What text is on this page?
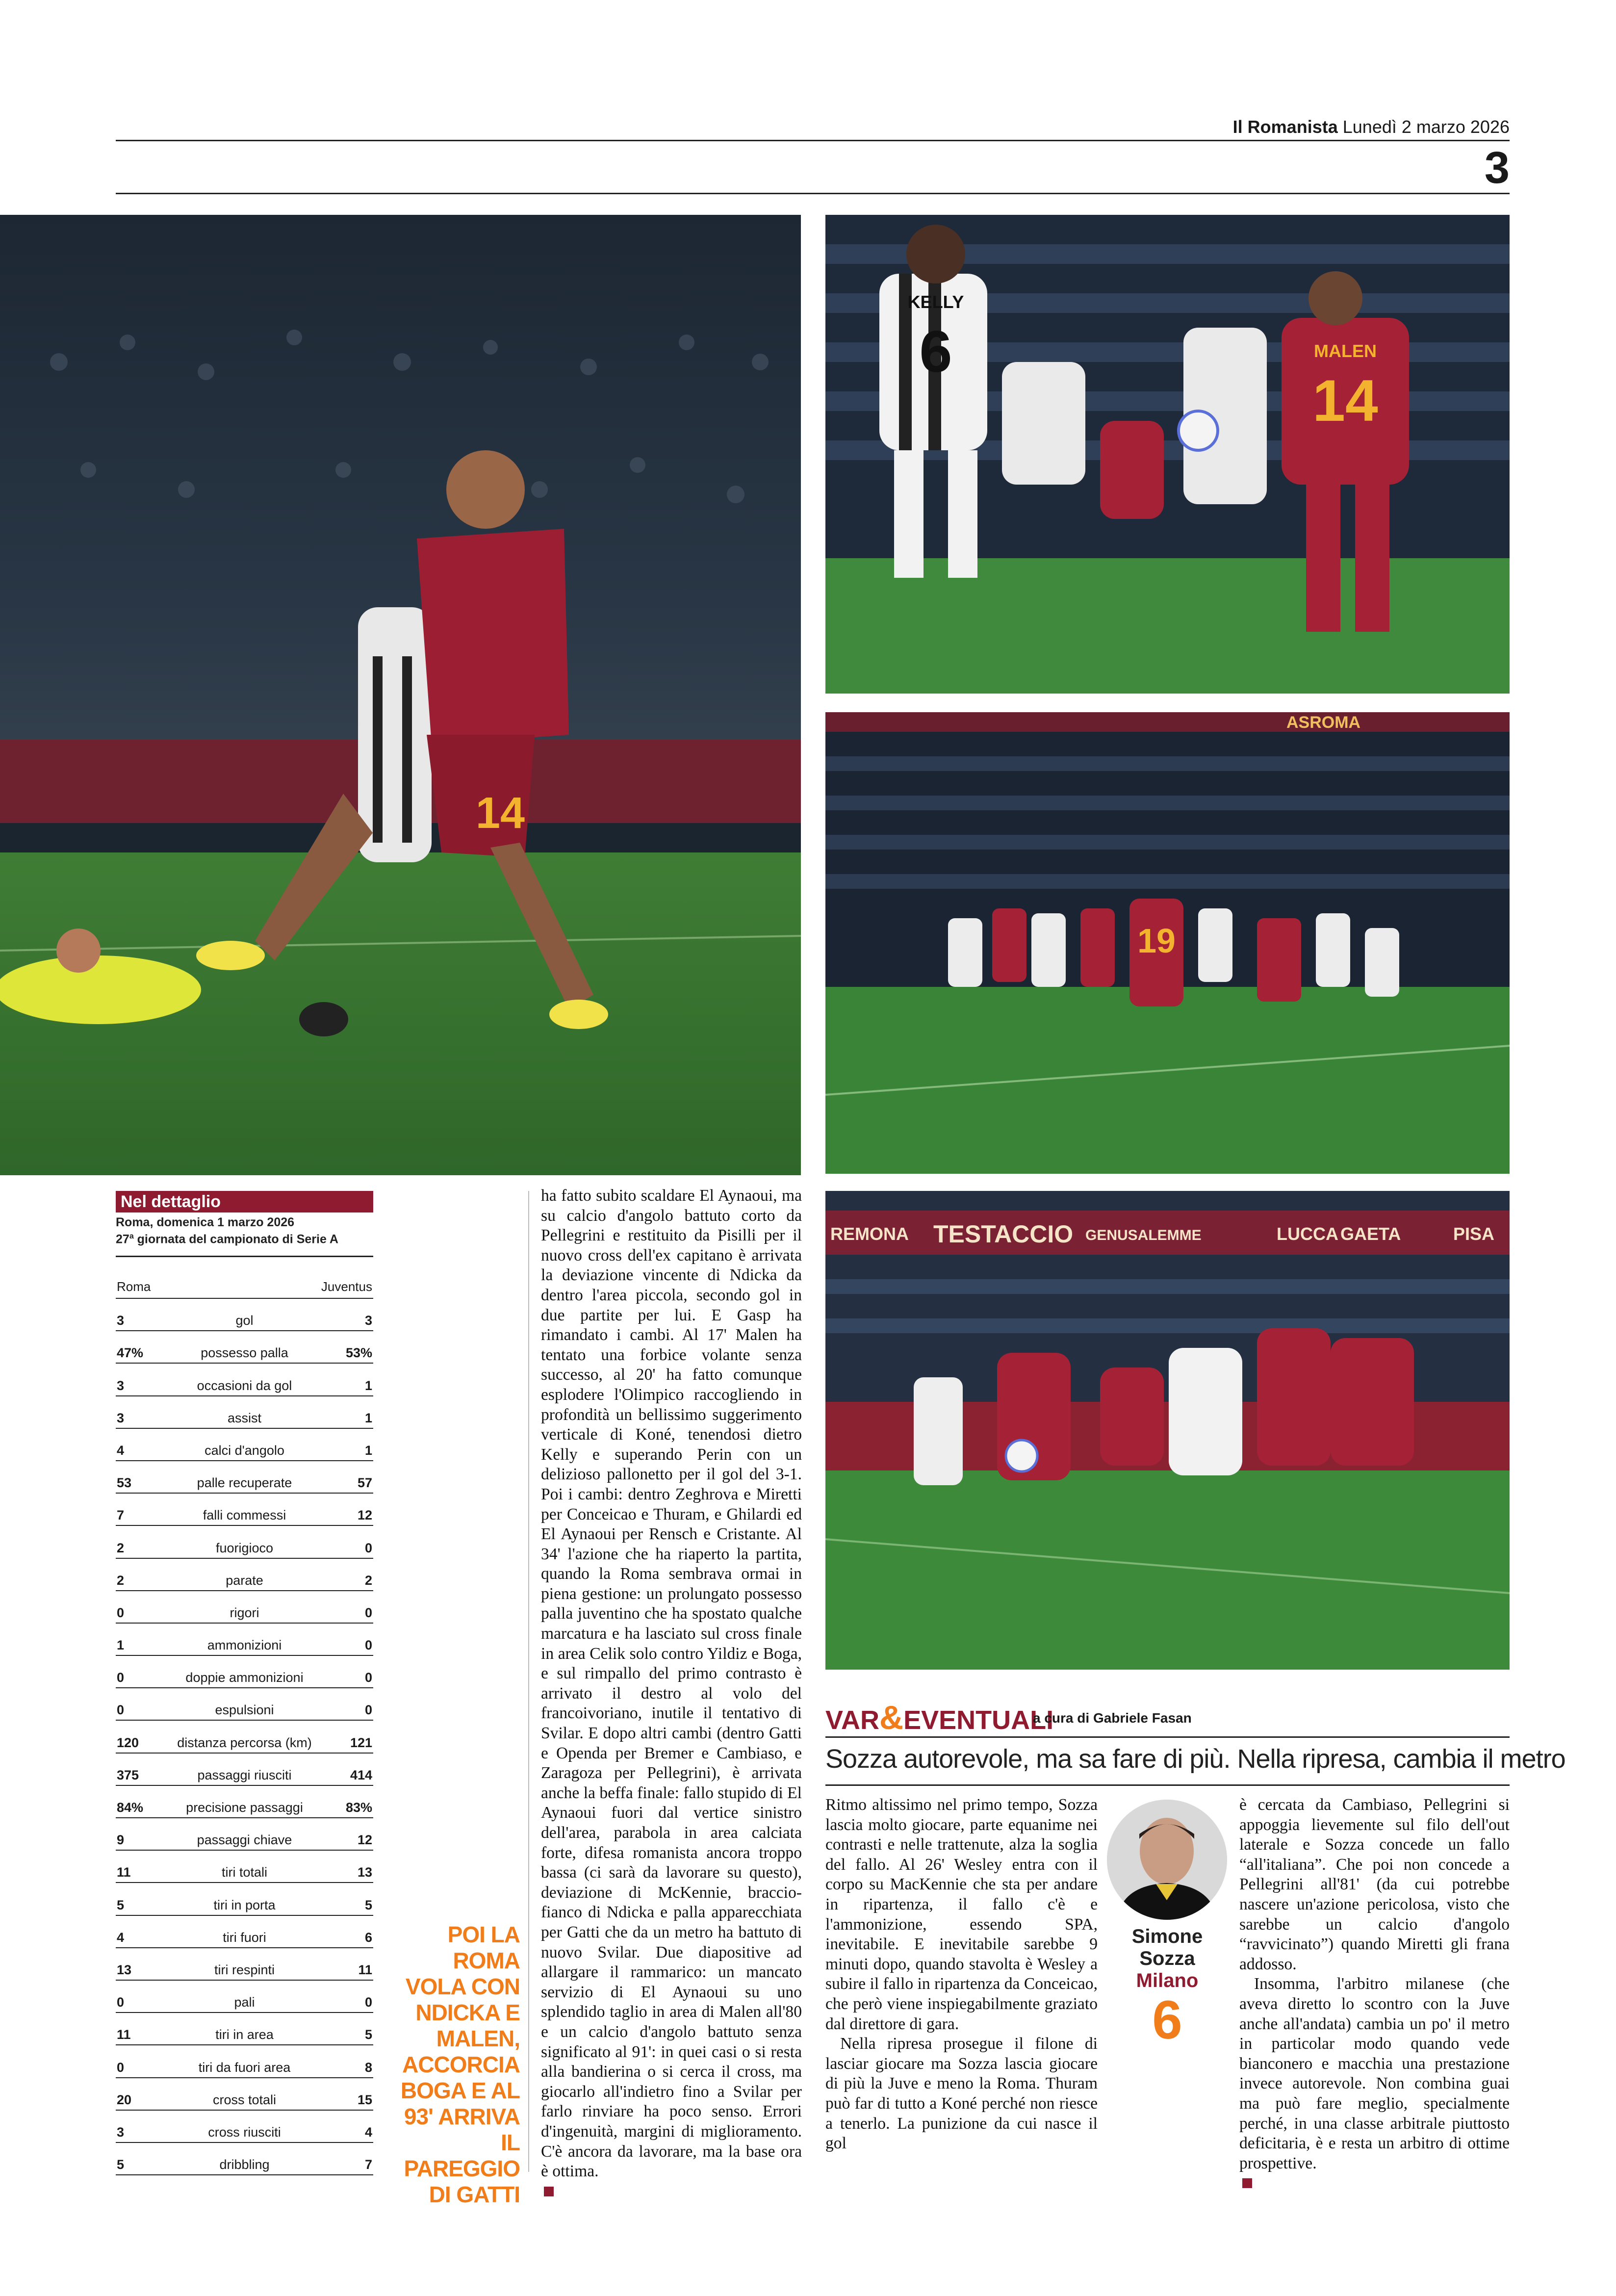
Il Romanista Lunedì 2 marzo 2026
3
14
6
KELLY
14
MALEN
ASROMA
19
REMONA TESTACCIO GENUSALEMME	LUCCA GAETA	PISA
Nel dettaglio
Roma, domenica 1 marzo 2026
27$^a$ giornata del campionato di Serie A
Roma	Juventus
3	gol	3
47%	possesso palla	53%
3	occasioni da gol	1
3	assist	1
4	calci d'angolo	1
53	palle recuperate	57
7	falli commessi	12
2	fuorigioco	0
2	parate	2
0	rigori	0
1	ammonizioni	0
0	doppie ammonizioni	0
0	espulsioni	0
120	distanza percorsa (km)	121
375	passaggi riusciti	414
84%	precisione passaggi	83%
9	passaggi chiave	12
11	tiri totali	13
5	tiri in porta	5
4	tiri fuori	6
13	tiri respinti	11
0	pali	0
11	tiri in area	5
0	tiri da fuori area	8
20	cross totali	15
3	cross riusciti	4
5	dribbling	7
POI LA ROMA VOLA CON NDICKA E MALEN, ACCORCIA BOGA E AL 93' ARRIVA IL PAREGGIO DI GATTI

ha fatto subito scaldare El Aynaoui, ma su calcio d'angolo battuto corto da Pellegrini e restituito da Pisilli per il nuovo cross dell'ex capitano è arrivata la deviazione vincente di Ndicka da dentro l'area piccola, secondo gol in due partite per lui. E Gasp ha rimandato i cambi. Al 17' Malen ha tentato una forbice volante senza successo, al 20' ha fatto comunque esplodere l'Olimpico raccogliendo in profondità un bellissimo suggerimento verticale di Koné, tenendosi dietro Kelly e superando Perin con un delizioso pallonetto per il gol del 3-1. Poi i cambi: dentro Zeghrova e Miretti per Conceicao e Thuram, e Ghilardi ed El Aynaoui per Rensch e Cristante. Al 34' l'azione che ha riaperto la partita, quando la Roma sembrava ormai in piena gestione: un prolungato possesso palla juventino che ha spostato qualche marcatura e ha lasciato sul cross finale in area Celik solo contro Yildiz e Boga, e sul rimpallo del primo contrasto è arrivato il destro al volo del francoivoriano, inutile il tentativo di Svilar. E dopo altri cambi (dentro Gatti e Openda per Bremer e Cambiaso, e Zaragoza per Pellegrini), è arrivata anche la beffa finale: fallo stupido di El Aynaoui fuori dal vertice sinistro dell'area, parabola in area calciata forte, difesa romanista ancora troppo bassa (ci sarà da lavorare su questo), deviazione di McKennie, braccio-fianco di Ndicka e palla apparecchiata per Gatti che da un metro ha battuto di nuovo Svilar. Due diapositive ad allargare il rammarico: un mancato servizio di El Aynaoui su uno splendido taglio in area di Malen all'80 e un calcio d'angolo battuto senza significato al 91': in quei casi o si resta alla bandierina o si cerca il cross, ma giocarlo all'indietro fino a Svilar per farlo rinviare ha poco senso. Errori d'ingenuità, margini di miglioramento. C'è ancora da lavorare, ma la base ora è ottima.

VAR&EVENTUALI
a cura di Gabriele Fasan
Sozza autorevole, ma sa fare di più. Nella ripresa, cambia il metro

Ritmo altissimo nel primo tempo, Sozza lascia molto giocare, parte equanime nei contrasti e nelle trattenute, alza la soglia del fallo. Al 26' Wesley entra con il corpo su MacKennie che sta per andare in ripartenza, il fallo c'è e l'ammonizione, essendo SPA, inevitabile. E inevitabile sarebbe 9 minuti dopo, quando stavolta è Wesley a subire il fallo in ripartenza da Conceicao, che però viene inspiegabilmente graziato dal direttore di gara.

Nella ripresa prosegue il filone di lasciar giocare ma Sozza lascia giocare di più la Juve e meno la Roma. Thuram può far di tutto a Koné perché non riesce a tenerlo. La punizione da cui nasce il gol

Simone
Sozza
Milano
6

è cercata da Cambiaso, Pellegrini si appoggia lievemente sul filo dell'out laterale e Sozza concede un fallo “all'italiana”. Che poi non concede a Pellegrini all'81' (da cui potrebbe nascere un'azione pericolosa, visto che sarebbe un calcio d'angolo “ravvicinato”) quando Miretti gli frana addosso.

Insomma, l'arbitro milanese (che aveva diretto lo scontro con la Juve anche all'andata) cambia un po' il metro in particolar modo quando vede bianconero e macchia una prestazione invece autorevole. Non combina guai ma può fare meglio, specialmente perché, in una classe arbitrale piuttosto deficitaria, è e resta un arbitro di ottime prospettive.
